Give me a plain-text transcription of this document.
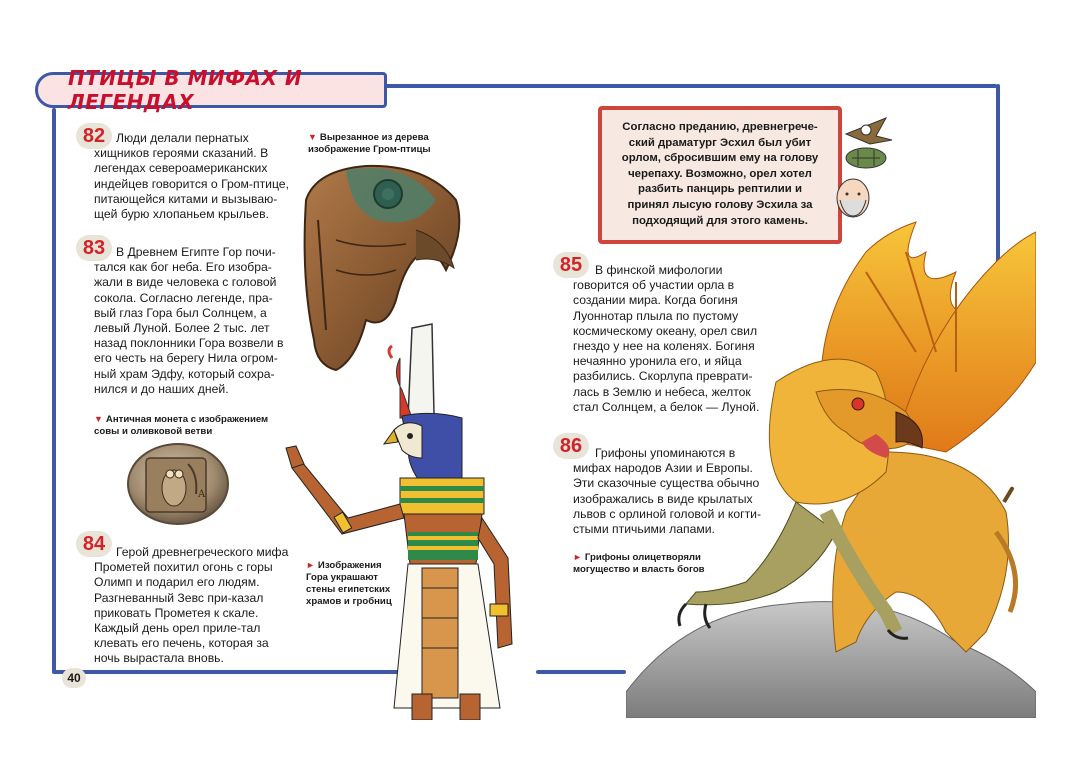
ПТИЦЫ В МИФАХ И ЛЕГЕНДАХ
82 Люди делали пернатых хищников героями сказаний. В легендах североамериканских индейцев говорится о Гром-птице, питающейся китами и вызываю-щей бурю хлопаньем крыльев.
83 В Древнем Египте Гор почи-тался как бог неба. Его изобра-жали в виде человека с головой сокола. Согласно легенде, пра-вый глаз Гора был Солнцем, а левый Луной. Более 2 тыс. лет назад поклонники Гора возвели в его честь на берегу Нила огром-ный храм Эдфу, который сохра-нился и до наших дней.
▼ Античная монета с изображением совы и оливковой ветви
Α
84 Герой древнегреческого мифа Прометей похитил огонь с горы Олимп и подарил его людям. Разгневанный Зевс при-казал приковать Прометея к скале. Каждый день орел приле-тал клевать его печень, которая за ночь вырастала вновь.
40
▼ Вырезанное из дерева изображение Гром-птицы
► Изображения Гора украшают стены египетских храмов и гробниц
Согласно преданию, древнегрече-ский драматург Эсхил был убит орлом, сбросившим ему на голову черепаху. Возможно, орел хотел разбить панцирь рептилии и принял лысую голову Эсхила за подходящий для этого камень.
85	В финской мифологии говорится об участии орла в создании мира. Когда богиня Луоннотар плыла по пустому космическому океану, орел свил гнездо у нее на коленях. Богиня нечаянно уронила его, и яйца разбились. Скорлупа преврати-лась в Землю и небеса, желток стал Солнцем, а белок — Луной.
86	Грифоны упоминаются в мифах народов Азии и Европы. Эти сказочные существа обычно изображались в виде крылатых львов с орлиной головой и когти-стыми птичьими лапами.
► Грифоны олицетворяли могущество и власть богов
